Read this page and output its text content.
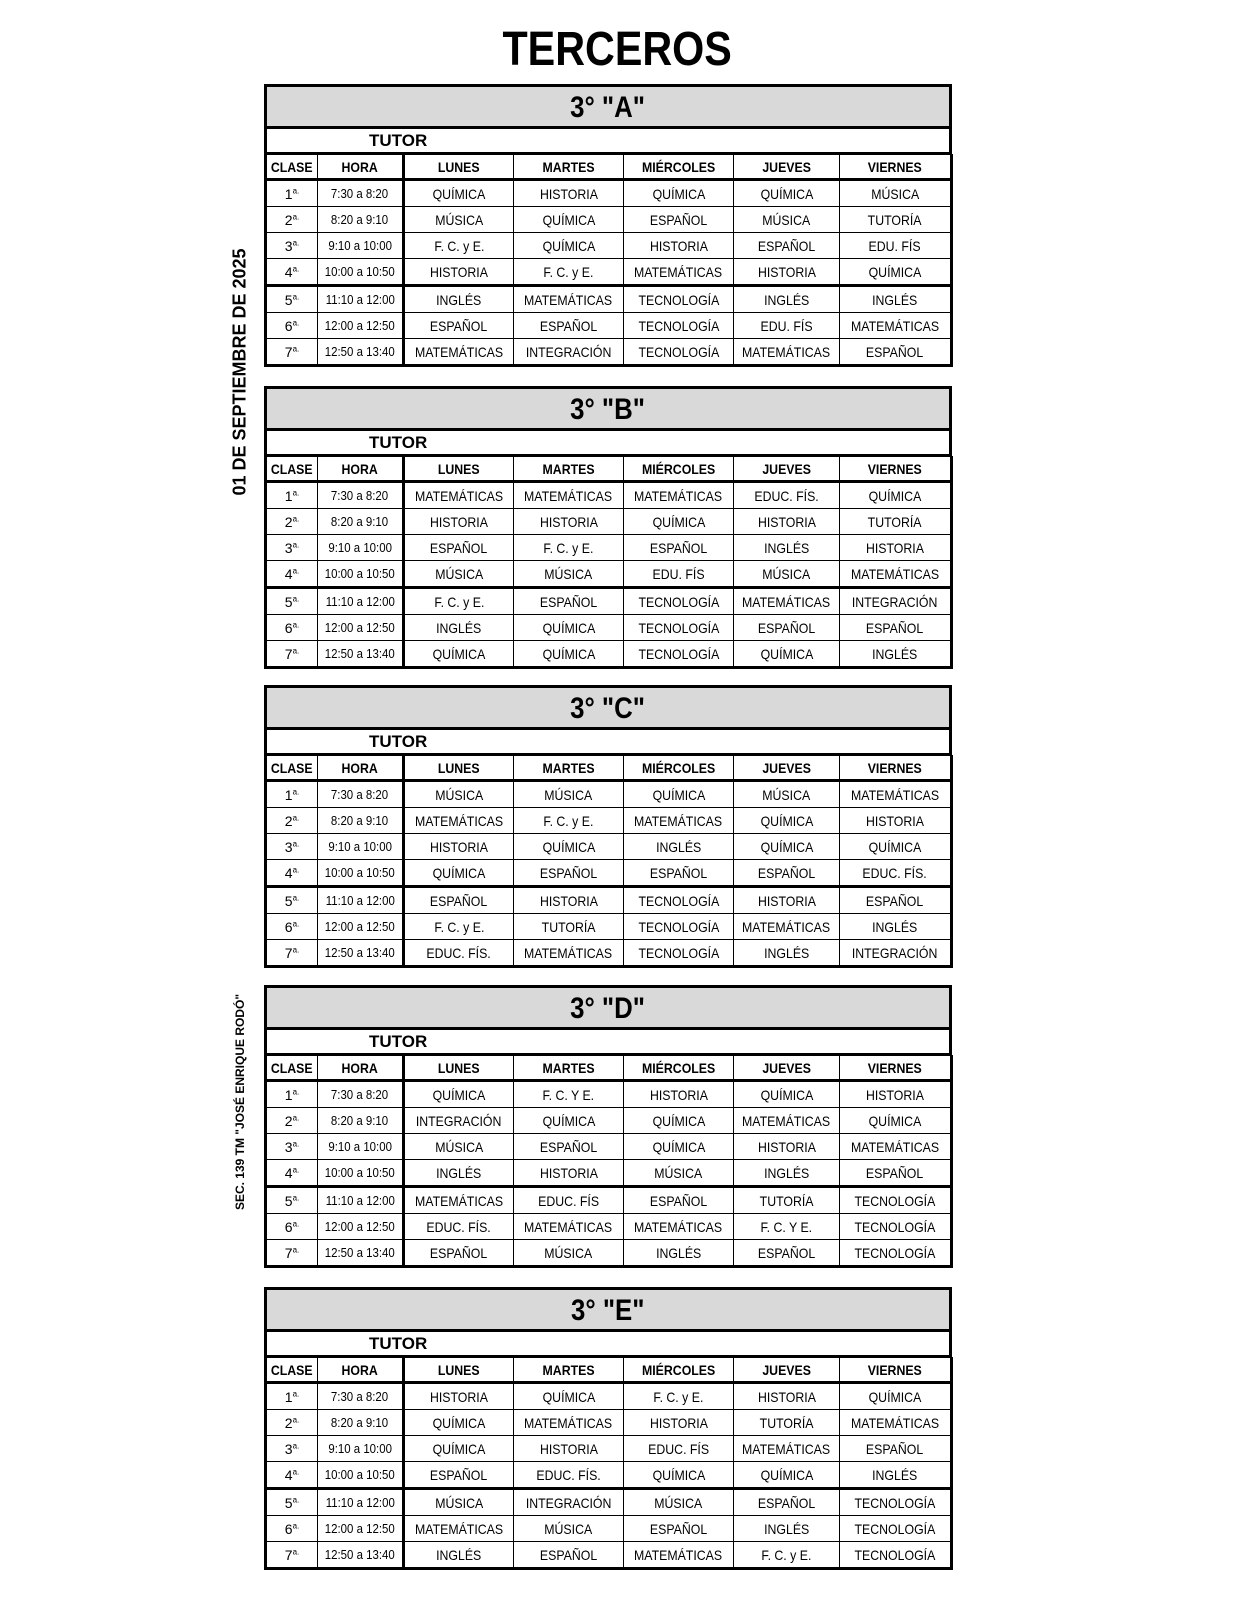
TERCEROS
01 DE SEPTIEMBRE DE 2025
SEC. 139 TM "JOSÉ ENRIQUE RODÓ"
3° "A"
TUTOR
CLASE	HORA	LUNES	MARTES	MIÉRCOLES	JUEVES	VIERNES
$1^{a.}$	7:30 a 8:20	QUÍMICA	HISTORIA	QUÍMICA	QUÍMICA	MÚSICA
$2^{a.}$	8:20 a 9:10	MÚSICA	QUÍMICA	ESPAÑOL	MÚSICA	TUTORÍA
$3^{a.}$	9:10 a 10:00	F. C. y E.	QUÍMICA	HISTORIA	ESPAÑOL	EDU. FÍS
$4^{a.}$	10:00 a 10:50	HISTORIA	F. C. y E.	MATEMÁTICAS	HISTORIA	QUÍMICA
$5^{a.}$	11:10 a 12:00	INGLÉS	MATEMÁTICAS	TECNOLOGÍA	INGLÉS	INGLÉS
$6^{a.}$	12:00 a 12:50	ESPAÑOL	ESPAÑOL	TECNOLOGÍA	EDU. FÍS	MATEMÁTICAS
$7^{a.}$	12:50 a 13:40	MATEMÁTICAS	INTEGRACIÓN	TECNOLOGÍA	MATEMÁTICAS	ESPAÑOL
3° "B"
TUTOR
CLASE	HORA	LUNES	MARTES	MIÉRCOLES	JUEVES	VIERNES
$1^{a.}$	7:30 a 8:20	MATEMÁTICAS	MATEMÁTICAS	MATEMÁTICAS	EDUC. FÍS.	QUÍMICA
$2^{a.}$	8:20 a 9:10	HISTORIA	HISTORIA	QUÍMICA	HISTORIA	TUTORÍA
$3^{a.}$	9:10 a 10:00	ESPAÑOL	F. C. y E.	ESPAÑOL	INGLÉS	HISTORIA
$4^{a.}$	10:00 a 10:50	MÚSICA	MÚSICA	EDU. FÍS	MÚSICA	MATEMÁTICAS
$5^{a.}$	11:10 a 12:00	F. C. y E.	ESPAÑOL	TECNOLOGÍA	MATEMÁTICAS	INTEGRACIÓN
$6^{a.}$	12:00 a 12:50	INGLÉS	QUÍMICA	TECNOLOGÍA	ESPAÑOL	ESPAÑOL
$7^{a.}$	12:50 a 13:40	QUÍMICA	QUÍMICA	TECNOLOGÍA	QUÍMICA	INGLÉS
3° "C"
TUTOR
CLASE	HORA	LUNES	MARTES	MIÉRCOLES	JUEVES	VIERNES
$1^{a.}$	7:30 a 8:20	MÚSICA	MÚSICA	QUÍMICA	MÚSICA	MATEMÁTICAS
$2^{a.}$	8:20 a 9:10	MATEMÁTICAS	F. C. y E.	MATEMÁTICAS	QUÍMICA	HISTORIA
$3^{a.}$	9:10 a 10:00	HISTORIA	QUÍMICA	INGLÉS	QUÍMICA	QUÍMICA
$4^{a.}$	10:00 a 10:50	QUÍMICA	ESPAÑOL	ESPAÑOL	ESPAÑOL	EDUC. FÍS.
$5^{a.}$	11:10 a 12:00	ESPAÑOL	HISTORIA	TECNOLOGÍA	HISTORIA	ESPAÑOL
$6^{a.}$	12:00 a 12:50	F. C. y E.	TUTORÍA	TECNOLOGÍA	MATEMÁTICAS	INGLÉS
$7^{a.}$	12:50 a 13:40	EDUC. FÍS.	MATEMÁTICAS	TECNOLOGÍA	INGLÉS	INTEGRACIÓN
3° "D"
TUTOR
CLASE	HORA	LUNES	MARTES	MIÉRCOLES	JUEVES	VIERNES
$1^{a.}$	7:30 a 8:20	QUÍMICA	F. C. Y E.	HISTORIA	QUÍMICA	HISTORIA
$2^{a.}$	8:20 a 9:10	INTEGRACIÓN	QUÍMICA	QUÍMICA	MATEMÁTICAS	QUÍMICA
$3^{a.}$	9:10 a 10:00	MÚSICA	ESPAÑOL	QUÍMICA	HISTORIA	MATEMÁTICAS
$4^{a.}$	10:00 a 10:50	INGLÉS	HISTORIA	MÚSICA	INGLÉS	ESPAÑOL
$5^{a.}$	11:10 a 12:00	MATEMÁTICAS	EDUC. FÍS	ESPAÑOL	TUTORÍA	TECNOLOGÍA
$6^{a.}$	12:00 a 12:50	EDUC. FÍS.	MATEMÁTICAS	MATEMÁTICAS	F. C. Y E.	TECNOLOGÍA
$7^{a.}$	12:50 a 13:40	ESPAÑOL	MÚSICA	INGLÉS	ESPAÑOL	TECNOLOGÍA
3° "E"
TUTOR
CLASE	HORA	LUNES	MARTES	MIÉRCOLES	JUEVES	VIERNES
$1^{a.}$	7:30 a 8:20	HISTORIA	QUÍMICA	F. C. y E.	HISTORIA	QUÍMICA
$2^{a.}$	8:20 a 9:10	QUÍMICA	MATEMÁTICAS	HISTORIA	TUTORÍA	MATEMÁTICAS
$3^{a.}$	9:10 a 10:00	QUÍMICA	HISTORIA	EDUC. FÍS	MATEMÁTICAS	ESPAÑOL
$4^{a.}$	10:00 a 10:50	ESPAÑOL	EDUC. FÍS.	QUÍMICA	QUÍMICA	INGLÉS
$5^{a.}$	11:10 a 12:00	MÚSICA	INTEGRACIÓN	MÚSICA	ESPAÑOL	TECNOLOGÍA
$6^{a.}$	12:00 a 12:50	MATEMÁTICAS	MÚSICA	ESPAÑOL	INGLÉS	TECNOLOGÍA
$7^{a.}$	12:50 a 13:40	INGLÉS	ESPAÑOL	MATEMÁTICAS	F. C. y E.	TECNOLOGÍA
